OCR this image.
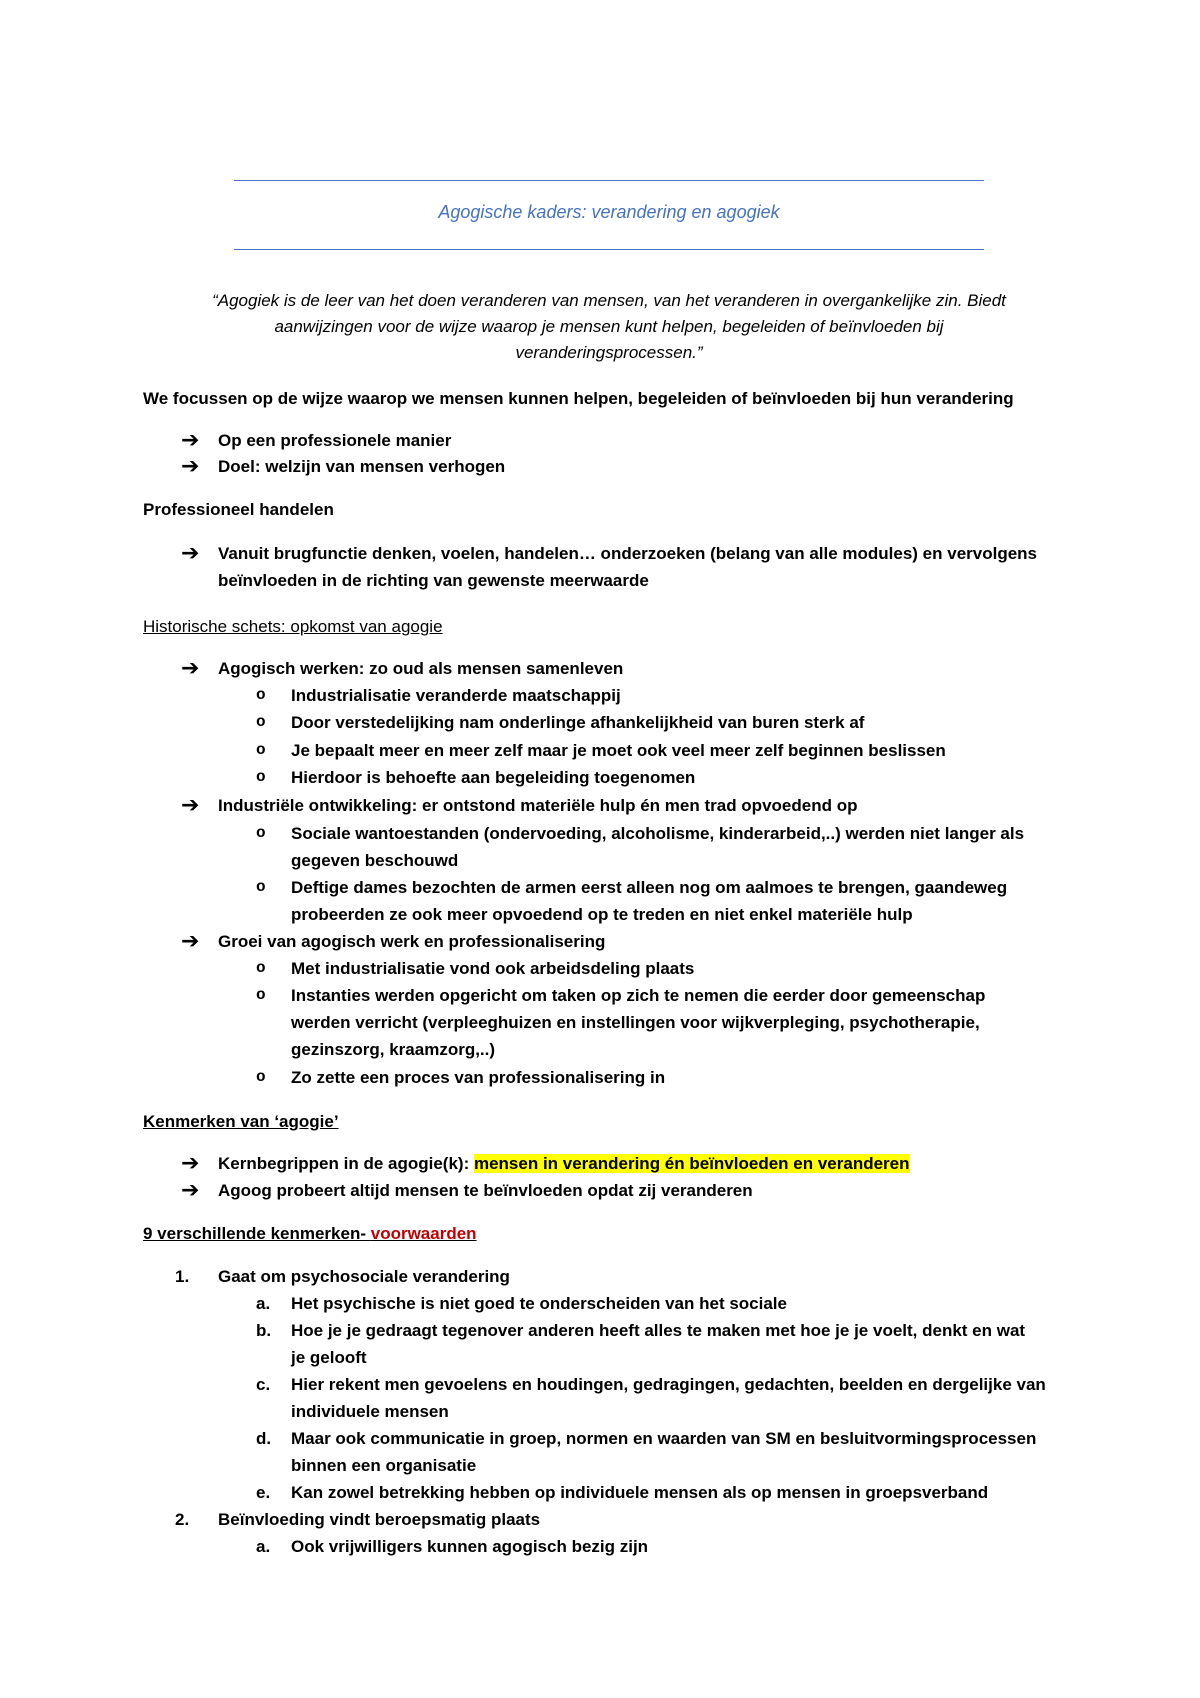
Agogische kaders: verandering en agogiek
“Agogiek is de leer van het doen veranderen van mensen, van het veranderen in overgankelijke zin. Biedt
aanwijzingen voor de wijze waarop je mensen kunt helpen, begeleiden of beïnvloeden bij
veranderingsprocessen.”
We focussen op de wijze waarop we mensen kunnen helpen, begeleiden of beïnvloeden bij hun verandering
➔	Op een professionele manier
➔	Doel: welzijn van mensen verhogen
Professioneel handelen
➔	Vanuit brugfunctie denken, voelen, handelen… onderzoeken (belang van alle modules) en vervolgens
beïnvloeden in de richting van gewenste meerwaarde
Historische schets: opkomst van agogie
➔	Agogisch werken: zo oud als mensen samenleven
o	Industrialisatie veranderde maatschappij
o	Door verstedelijking nam onderlinge afhankelijkheid van buren sterk af
o	Je bepaalt meer en meer zelf maar je moet ook veel meer zelf beginnen beslissen
o	Hierdoor is behoefte aan begeleiding toegenomen
➔	Industriële ontwikkeling: er ontstond materiële hulp én men trad opvoedend op
o	Sociale wantoestanden (ondervoeding, alcoholisme, kinderarbeid,..) werden niet langer als
gegeven beschouwd
o	Deftige dames bezochten de armen eerst alleen nog om aalmoes te brengen, gaandeweg
probeerden ze ook meer opvoedend op te treden en niet enkel materiële hulp
➔	Groei van agogisch werk en professionalisering
o	Met industrialisatie vond ook arbeidsdeling plaats
o	Instanties werden opgericht om taken op zich te nemen die eerder door gemeenschap
werden verricht (verpleeghuizen en instellingen voor wijkverpleging, psychotherapie,
gezinszorg, kraamzorg,..)
o	Zo zette een proces van professionalisering in
Kenmerken van ‘agogie’
➔	Kernbegrippen in de agogie(k): mensen in verandering én beïnvloeden en veranderen
➔	Agoog probeert altijd mensen te beïnvloeden opdat zij veranderen
9 verschillende kenmerken- voorwaarden
1.	Gaat om psychosociale verandering
a.	Het psychische is niet goed te onderscheiden van het sociale
b.	Hoe je je gedraagt tegenover anderen heeft alles te maken met hoe je je voelt, denkt en wat
je gelooft
c.	Hier rekent men gevoelens en houdingen, gedragingen, gedachten, beelden en dergelijke van
individuele mensen
d.	Maar ook communicatie in groep, normen en waarden van SM en besluitvormingsprocessen
binnen een organisatie
e.	Kan zowel betrekking hebben op individuele mensen als op mensen in groepsverband
2.	Beïnvloeding vindt beroepsmatig plaats
a.	Ook vrijwilligers kunnen agogisch bezig zijn
